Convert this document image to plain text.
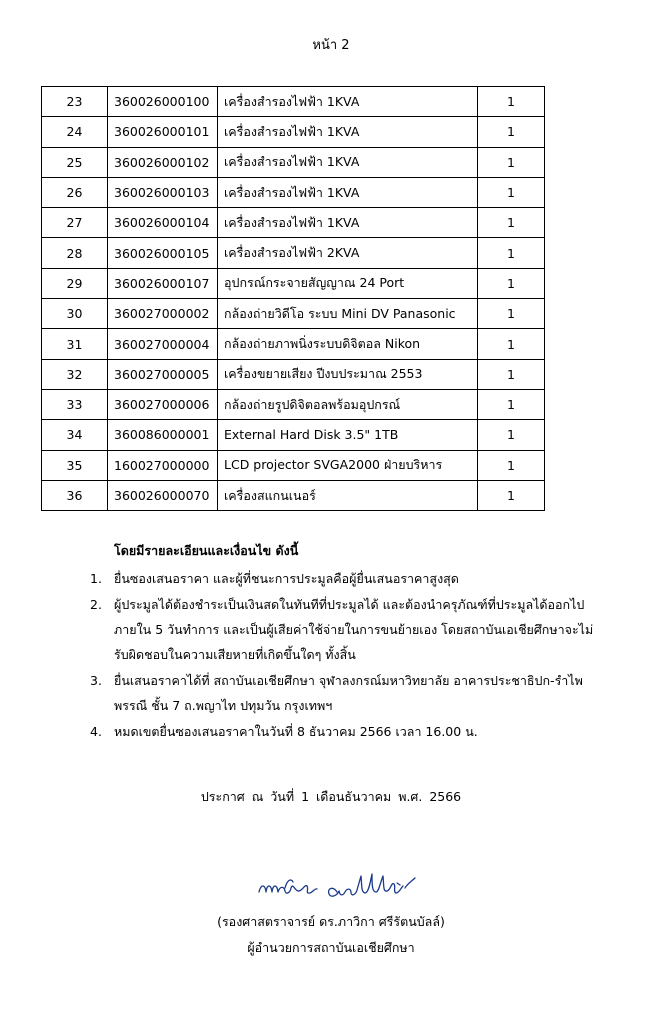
หน้า 2
23	360026000100	เครื่องสำรองไฟฟ้า 1KVA	1
24	360026000101	เครื่องสำรองไฟฟ้า 1KVA	1
25	360026000102	เครื่องสำรองไฟฟ้า 1KVA	1
26	360026000103	เครื่องสำรองไฟฟ้า 1KVA	1
27	360026000104	เครื่องสำรองไฟฟ้า 1KVA	1
28	360026000105	เครื่องสำรองไฟฟ้า 2KVA	1
29	360026000107	อุปกรณ์กระจายสัญญาณ 24 Port	1
30	360027000002	กล้องถ่ายวิดีโอ ระบบ Mini DV Panasonic	1
31	360027000004	กล้องถ่ายภาพนิ่งระบบดิจิตอล Nikon	1
32	360027000005	เครื่องขยายเสียง ปีงบประมาณ 2553	1
33	360027000006	กล้องถ่ายรูปดิจิตอลพร้อมอุปกรณ์	1
34	360086000001	External Hard Disk 3.5" 1TB	1
35	160027000000	LCD projector SVGA2000 ฝ่ายบริหาร	1
36	360026000070	เครื่องสแกนเนอร์	1
โดยมีรายละเอียนและเงื่อนไข ดังนี้
1. ยื่นซองเสนอราคา และผู้ที่ชนะการประมูลคือผู้ยื่นเสนอราคาสูงสุด
2. ผู้ประมูลได้ต้องชำระเป็นเงินสดในทันทีที่ประมูลได้ และต้องนำครุภัณฑ์ที่ประมูลได้ออกไป
ภายใน 5 วันทำการ และเป็นผู้เสียค่าใช้จ่ายในการขนย้ายเอง โดยสถาบันเอเชียศึกษาจะไม่
รับผิดชอบในความเสียหายที่เกิดขึ้นใดๆ ทั้งสิ้น
3. ยื่นเสนอราคาได้ที่ สถาบันเอเชียศึกษา จุฬาลงกรณ์มหาวิทยาลัย อาคารประชาธิปก-รำไพ
พรรณี ชั้น 7 ถ.พญาไท ปทุมวัน กรุงเทพฯ
4. หมดเขตยื่นซองเสนอราคาในวันที่ 8 ธันวาคม 2566 เวลา 16.00 น.
ประกาศ ณ วันที่ 1 เดือนธันวาคม พ.ศ. 2566
(รองศาสตราจารย์ ดร.ภาวิกา ศรีรัตนบัลล์)
ผู้อำนวยการสถาบันเอเชียศึกษา
